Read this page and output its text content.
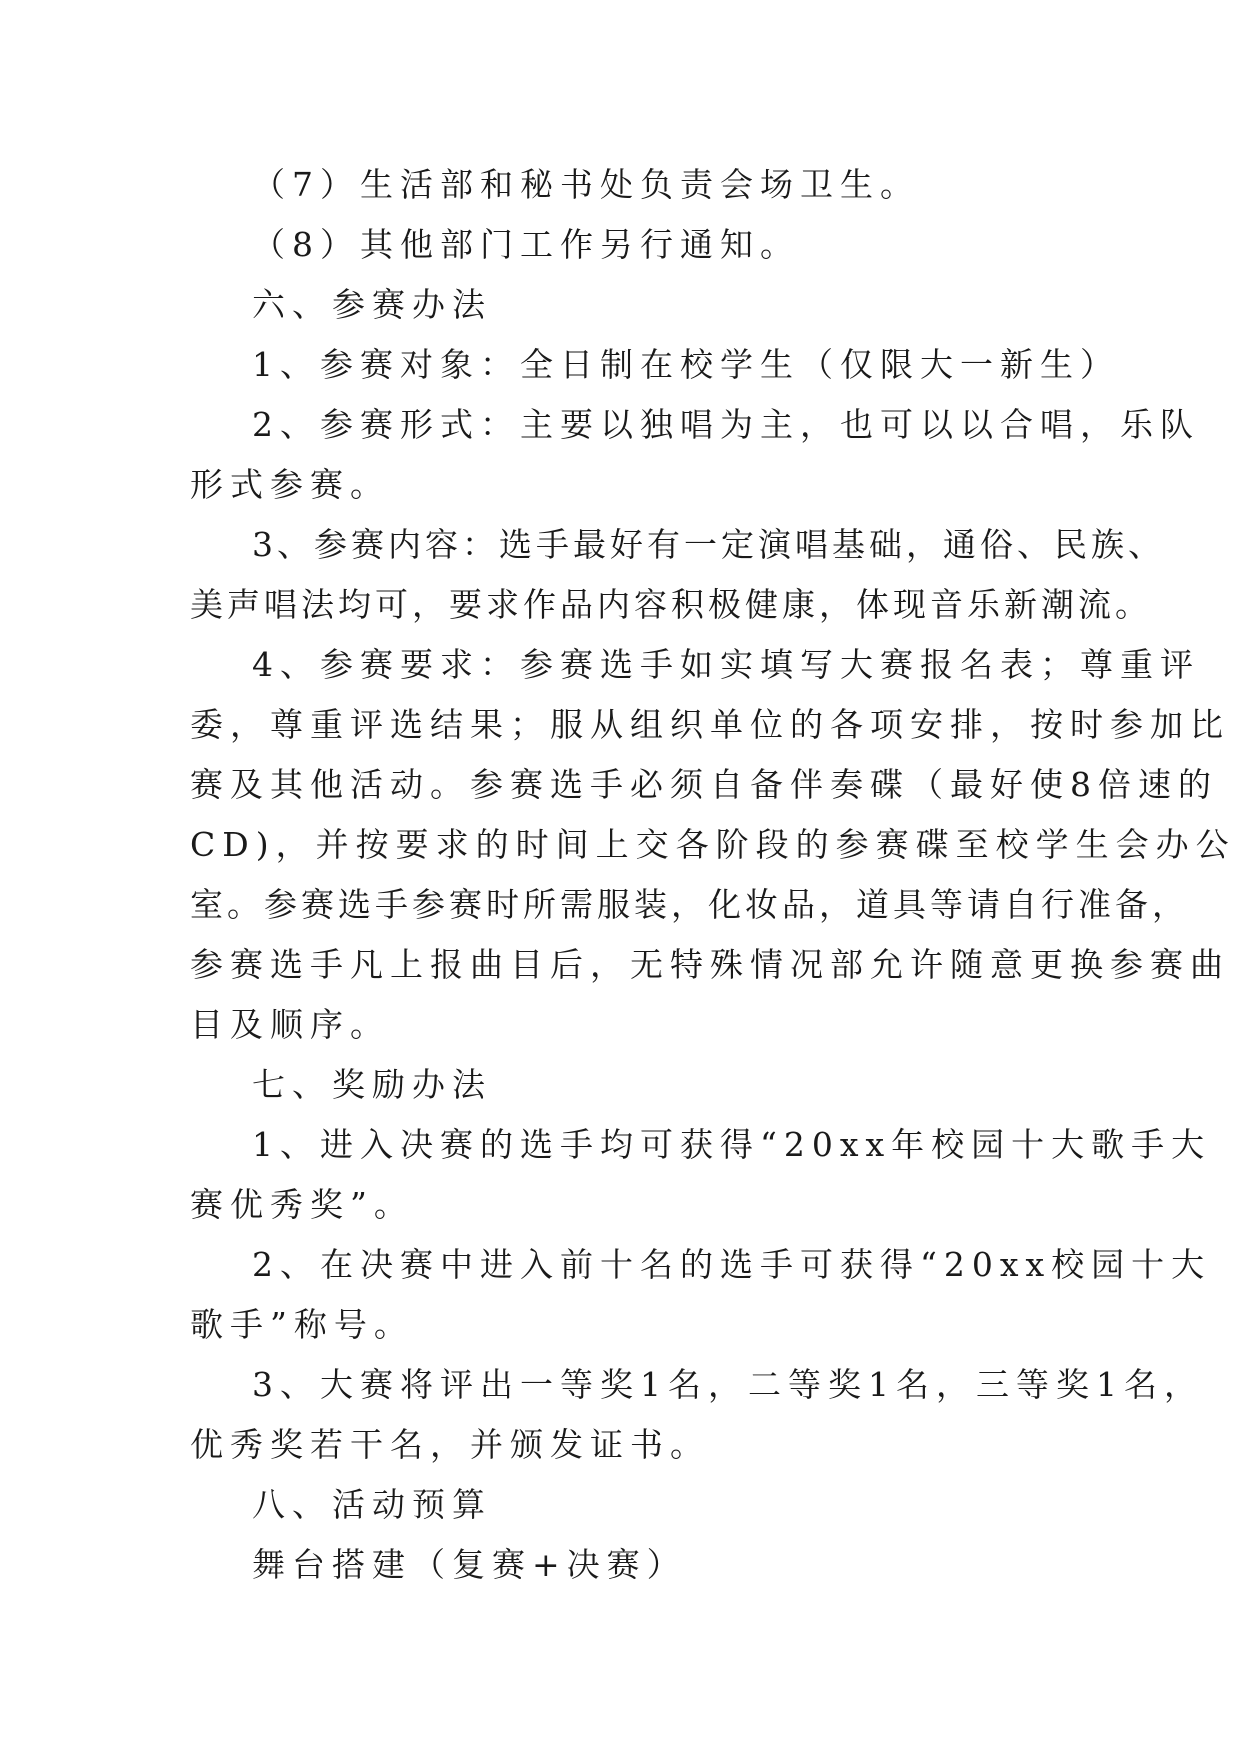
（7）生活部和秘书处负责会场卫生。
（8）其他部门工作另行通知。
六、参赛办法
1、参赛对象：全日制在校学生（仅限大一新生）
2、参赛形式：主要以独唱为主，也可以以合唱，乐队
形式参赛。
3、参赛内容：选手最好有一定演唱基础，通俗、民族、
美声唱法均可，要求作品内容积极健康，体现音乐新潮流。
4、参赛要求：参赛选手如实填写大赛报名表；尊重评
委，尊重评选结果；服从组织单位的各项安排，按时参加比
赛及其他活动。参赛选手必须自备伴奏碟（最好使8倍速的
CD)，并按要求的时间上交各阶段的参赛碟至校学生会办公
室。参赛选手参赛时所需服装，化妆品，道具等请自行准备，
参赛选手凡上报曲目后，无特殊情况部允许随意更换参赛曲
目及顺序。
七、奖励办法
1、进入决赛的选手均可获得“20xx年校园十大歌手大
赛优秀奖”。
2、在决赛中进入前十名的选手可获得“20xx校园十大
歌手”称号。
3、大赛将评出一等奖1名，二等奖1名，三等奖1名，
优秀奖若干名，并颁发证书。
八、活动预算
舞台搭建（复赛+决赛）
